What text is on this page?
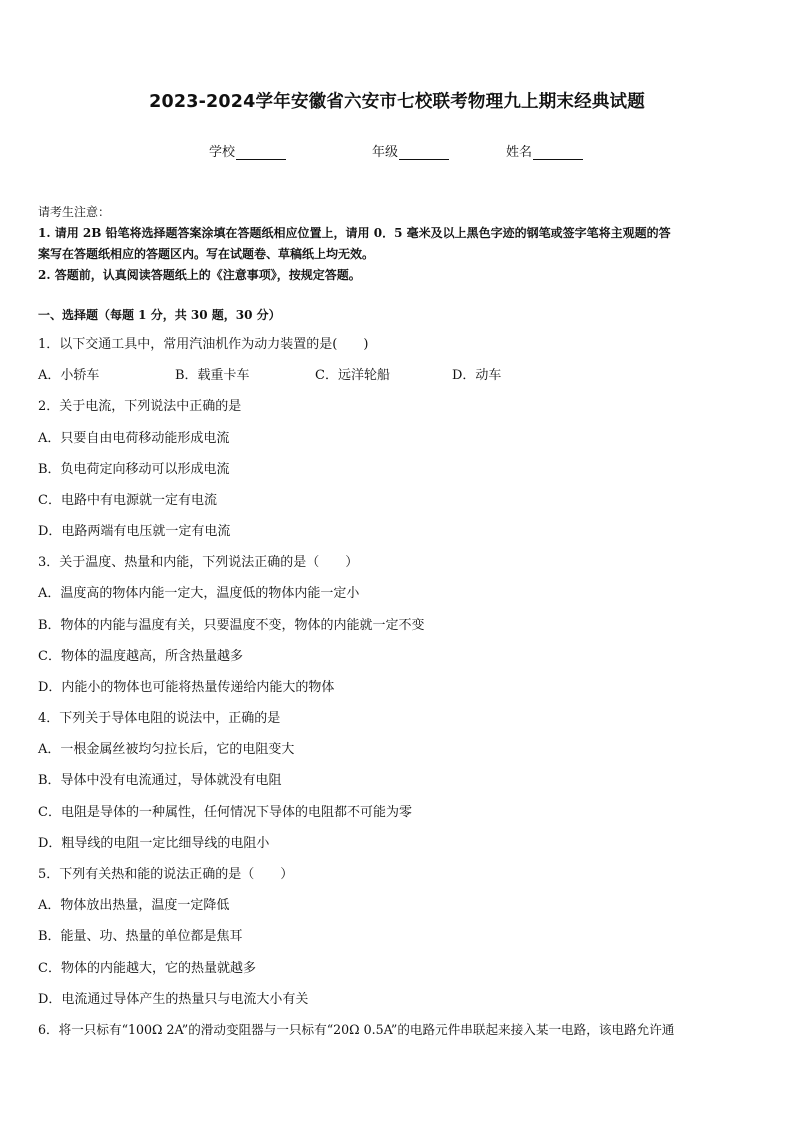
2023-2024学年安徽省六安市七校联考物理九上期末经典试题
学校	年级	姓名
请考生注意：
1. 请用 2B 铅笔将选择题答案涂填在答题纸相应位置上，请用 0．5 毫米及以上黑色字迹的钢笔或签字笔将主观题的答
案写在答题纸相应的答题区内。写在试题卷、草稿纸上均无效。
2. 答题前，认真阅读答题纸上的《注意事项》，按规定答题。
一、选择题（每题 1 分，共 30 题，30 分）
1．以下交通工具中，常用汽油机作为动力装置的是(　　)
A．小轿车	B．载重卡车	C．远洋轮船	D．动车
2．关于电流，下列说法中正确的是
A．只要自由电荷移动能形成电流
B．负电荷定向移动可以形成电流
C．电路中有电源就一定有电流
D．电路两端有电压就一定有电流
3．关于温度、热量和内能，下列说法正确的是（　　）
A．温度高的物体内能一定大，温度低的物体内能一定小
B．物体的内能与温度有关，只要温度不变，物体的内能就一定不变
C．物体的温度越高，所含热量越多
D．内能小的物体也可能将热量传递给内能大的物体
4．下列关于导体电阻的说法中，正确的是
A．一根金属丝被均匀拉长后，它的电阻变大
B．导体中没有电流通过，导体就没有电阻
C．电阻是导体的一种属性，任何情况下导体的电阻都不可能为零
D．粗导线的电阻一定比细导线的电阻小
5．下列有关热和能的说法正确的是（　　）
A．物体放出热量，温度一定降低
B．能量、功、热量的单位都是焦耳
C．物体的内能越大，它的热量就越多
D．电流通过导体产生的热量只与电流大小有关
6．将一只标有“100Ω 2A”的滑动变阻器与一只标有“20Ω 0.5A”的电路元件串联起来接入某一电路，该电路允许通
